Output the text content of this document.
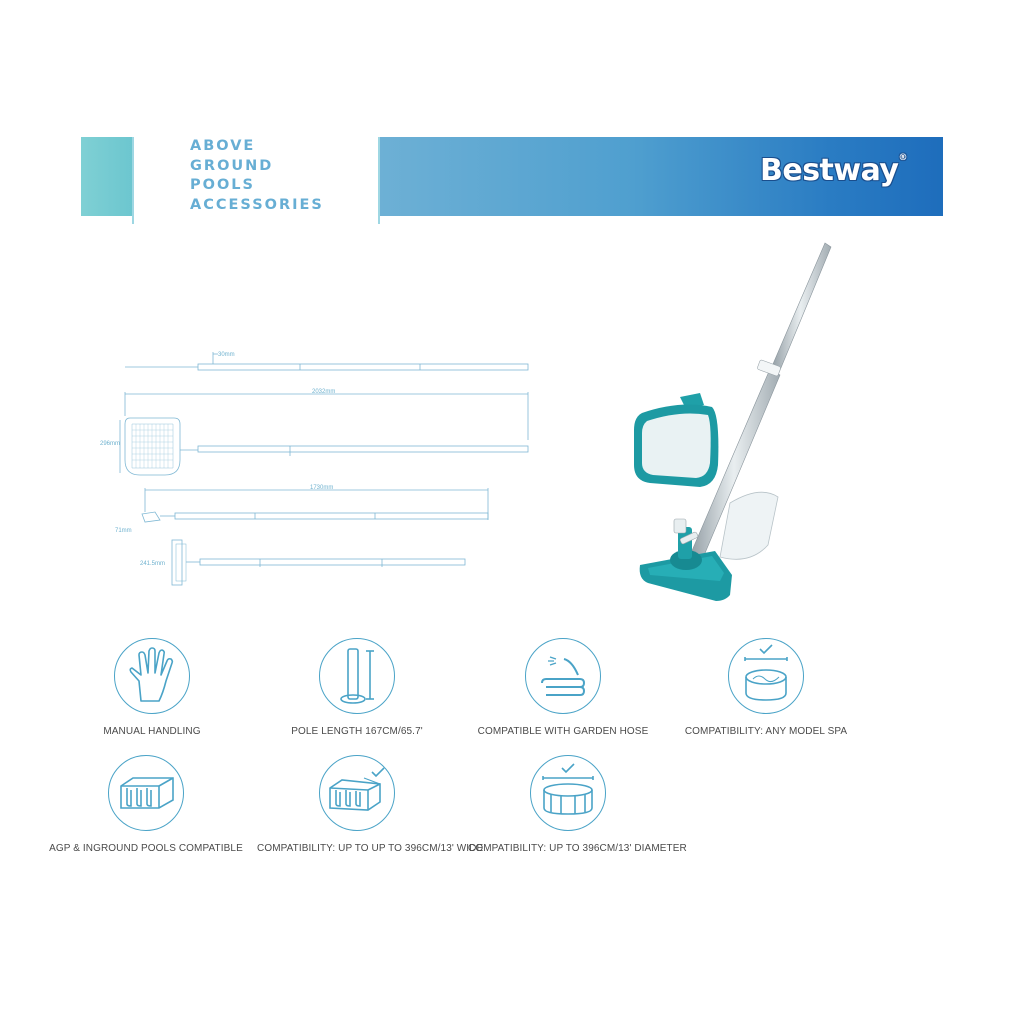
ABOVE
GROUND
POOLS
ACCESSORIES
Bestway®
30mm
2032mm
296mm
1730mm
71mm
241.5mm
MANUAL HANDLING	POLE LENGTH 167CM/65.7'	COMPATIBLE WITH GARDEN HOSE	COMPATIBILITY: ANY MODEL SPA
AGP & INGROUND POOLS COMPATIBLE	COMPATIBILITY: UP TO UP TO 396CM/13' WIDE
COMPATIBILITY: UP TO 396CM/13' DIAMETER
